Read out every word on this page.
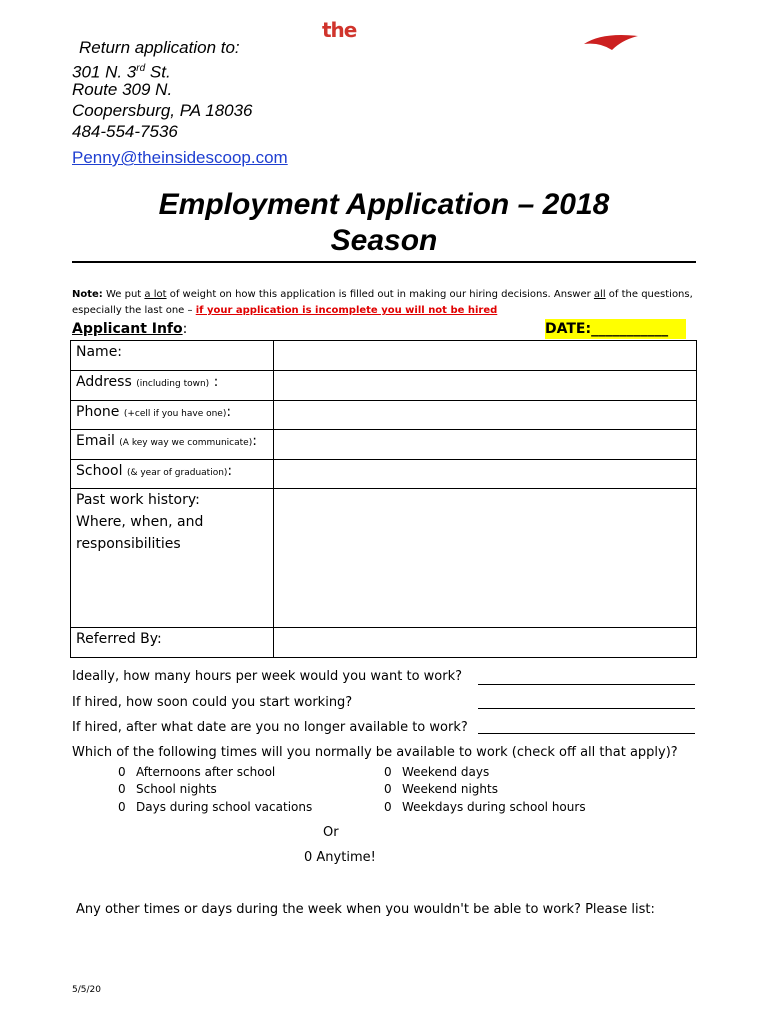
the
Return application to:
301 N. 3rd St.
Route 309 N.
Coopersburg, PA 18036
484-554-7536
Penny@theinsidescoop.com
Employment Application – 2018
Season
Note: We put a lot of weight on how this application is filled out in making our hiring decisions. Answer all of the questions, especially the last one – if your application is incomplete you will not be hired
Applicant Info:	DATE:___________
Name:	
Address (including town) :	
Phone (+cell if you have one):	
Email (A key way we communicate):	
School (& year of graduation):	

Past work history:
Where, when, and
responsibilities	

Referred By:	
Ideally, how many hours per week would you want to work?
If hired, how soon could you start working?
If hired, after what date are you no longer available to work?
Which of the following times will you normally be available to work (check off all that apply)?
0 Afternoons after school
0 School nights
0 Days during school vacations
0 Weekend days
0 Weekend nights
0 Weekdays during school hours
Or
0 Anytime!
Any other times or days during the week when you wouldn't be able to work? Please list:
5/5/20
